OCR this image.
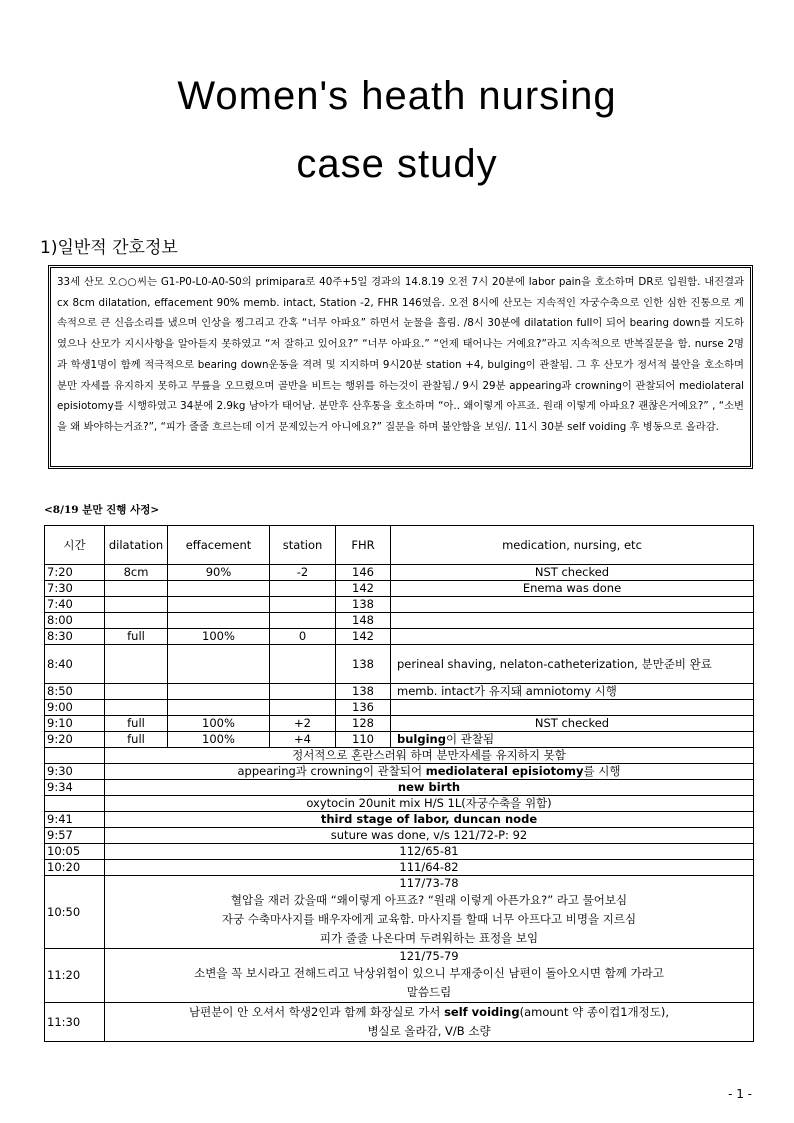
Women's heath nursing
case study
1)일반적 간호정보
33세 산모 오○○씨는 G1-P0-L0-A0-S0의 primipara로 40주+5일 경과의 14.8.19 오전 7시 20분에 labor pain을 호소하며 DR로 입원함. 내진결과 cx 8cm dilatation, effacement 90% memb. intact, Station -2, FHR 146였음. 오전 8시에 산모는 지속적인 자궁수축으로 인한 심한 진통으로 계속적으로 큰 신음소리를 냈으며 인상을 찡그리고 간혹 “너무 아파요” 하면서 눈물을 흘림. /8시 30분에 dilatation full이 되어 bearing down를 지도하였으나 산모가 지시사항을 알아듣지 못하였고 “저 잘하고 있어요?” “너무 아파요.” “언제 태어나는 거예요?”라고 지속적으로 반복질문을 함. nurse 2명과 학생1명이 함께 적극적으로 bearing down운동을 격려 및 지지하며 9시20분 station +4, bulging이 관찰됨. 그 후 산모가 정서적 불안을 호소하며 분만 자세를 유지하지 못하고 무릎을 오므렸으며 골반을 비트는 행위를 하는것이 관찰됨./ 9시 29분 appearing과 crowning이 관찰되어 mediolateral episiotomy를 시행하였고 34분에 2.9kg 남아가 태어남. 분만후 산후통을 호소하며 “아.. 왜이렇게 아프죠. 원래 이렇게 아파요? 괜찮은거예요?” , “소변을 왜 봐야하는거죠?”, “피가 줄줄 흐르는데 이거 문제있는거 아니에요?” 질문을 하며 불안함을 보임/. 11시 30분 self voiding 후 병동으로 올라감.
<8/19 분만 진행 사정>
시간	dilatation	effacement	station	FHR	medication, nursing, etc
7:20	8cm	90%	-2	146	NST checked
7:30				142	Enema was done
7:40				138	
8:00				148	
8:30	full	100%	0	142	
8:40				138	perineal shaving, nelaton-catheterization, 분만준비 완료
8:50				138	memb. intact가 유지돼 amniotomy 시행
9:00				136	
9:10	full	100%	+2	128	NST checked
9:20	full	100%	+4	110	bulging이 관찰됨
	정서적으로 혼란스러워 하며 분만자세를 유지하지 못함				
9:30	appearing과 crowning이 관찰되어 mediolateral episiotomy를 시행				
9:34	new birth				
	oxytocin 20unit mix H/S 1L(자궁수축을 위함)				
9:41	third stage of labor, duncan node				
9:57	suture was done, v/s 121/72-P: 92				
10:05	112/65-81				
10:20	111/64-82				
10:50	117/73-78
혈압을 재러 갔을때 “왜이렇게 아프죠? “원래 이렇게 아픈가요?” 라고 물어보심
자궁 수축마사지를 배우자에게 교육함. 마사지를 할때 너무 아프다고 비명을 지르심
피가 줄줄 나온다며 두려워하는 표정을 보임				

11:20	121/75-79
소변을 꼭 보시라고 전해드리고 낙상위험이 있으니 부재중이신 남편이 돌아오시면 함께 가라고
말씀드림				

11:30	남편분이 안 오셔서 학생2인과 함께 화장실로 가서 self voiding(amount 약 종이컵1개정도),
병실로 올라감, V/B 소량				
- 1 -
